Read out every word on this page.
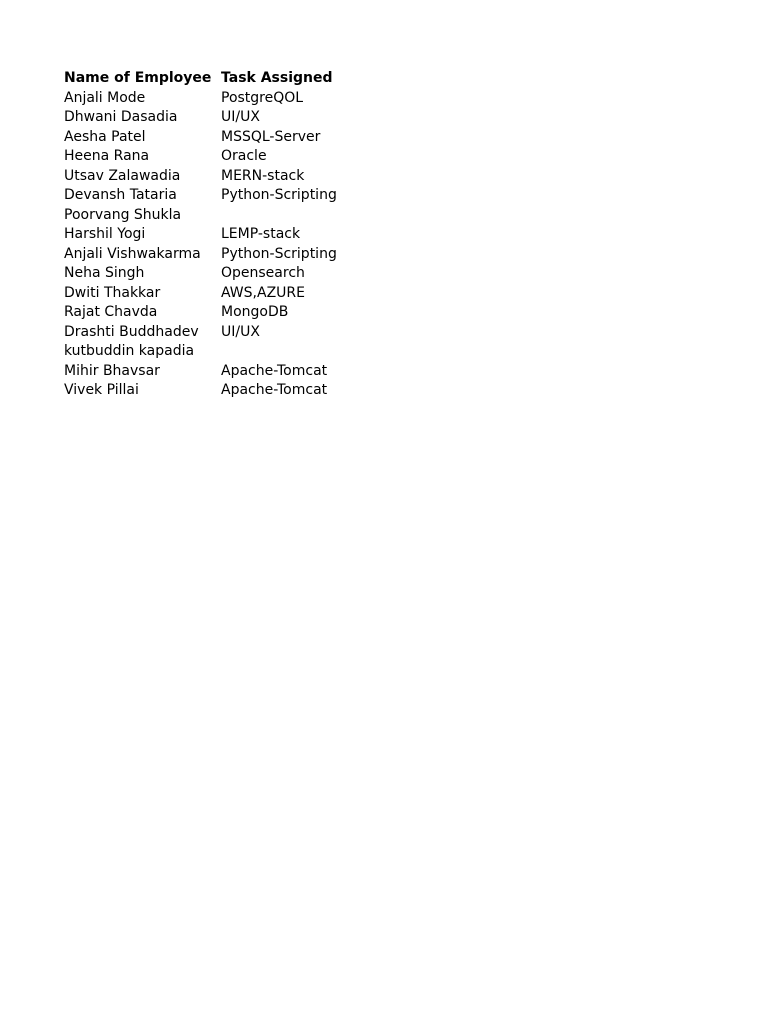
Name of Employee	Task Assigned
Anjali Mode	PostgreQOL
Dhwani Dasadia	UI/UX
Aesha Patel	MSSQL-Server
Heena Rana	Oracle
Utsav Zalawadia	MERN-stack
Devansh Tataria	Python-Scripting
Poorvang Shukla	
Harshil Yogi	LEMP-stack
Anjali Vishwakarma	Python-Scripting
Neha Singh	Opensearch
Dwiti Thakkar	AWS,AZURE
Rajat Chavda	MongoDB
Drashti Buddhadev	UI/UX
kutbuddin kapadia	
Mihir Bhavsar	Apache-Tomcat
Vivek Pillai	Apache-Tomcat
